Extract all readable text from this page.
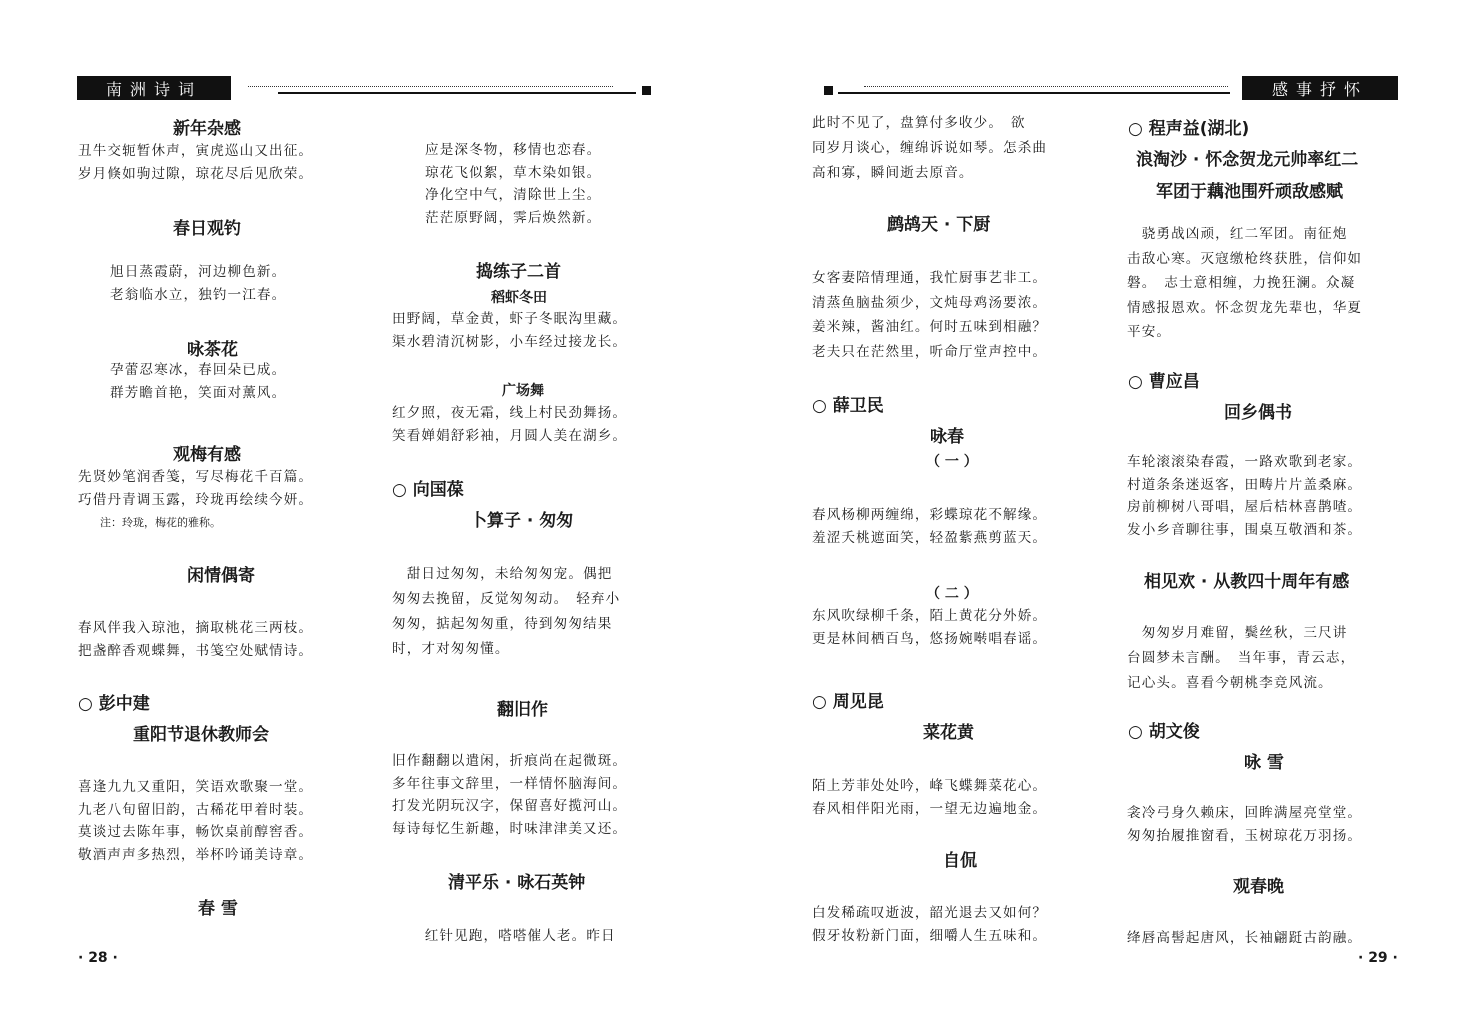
南洲诗词	感事抒怀
新年杂感
丑牛交轭暂休声，寅虎巡山又出征。
岁月倏如驹过隙，琼花尽后见欣荣。
春日观钓
旭日蒸霞蔚，河边柳色新。
老翁临水立，独钓一江春。
咏茶花
孕蕾忍寒冰，春回朵已成。
群芳瞻首艳，笑面对薰风。
观梅有感
先贤妙笔润香笺，写尽梅花千百篇。
巧借丹青调玉露，玲珑再绘续今妍。
注：玲珑，梅花的雅称。
闲情偶寄
春风伴我入琼池，摘取桃花三两枝。
把盏醉香观蝶舞，书笺空处赋情诗。
○ 彭中建
重阳节退休教师会
喜逢九九又重阳，笑语欢歌聚一堂。
九老八旬留旧韵，古稀花甲着时装。
莫谈过去陈年事，畅饮桌前醇窖香。
敬酒声声多热烈，举杯吟诵美诗章。
春 雪
应是深冬物，移情也恋春。
琼花飞似絮，草木染如银。
净化空中气，清除世上尘。
茫茫原野阔，霁后焕然新。
捣练子二首
稻虾冬田
田野阔，草金黄，虾子冬眠沟里藏。
渠水碧清沉树影，小车经过接龙长。
广场舞
红夕照，夜无霜，线上村民劲舞扬。
笑看婵娟舒彩袖，月圆人美在湖乡。
○ 向国葆
卜算子 · 匆匆
　甜日过匆匆，未给匆匆宠。偶把
匆匆去挽留，反觉匆匆动。　轻弃小
匆匆，掂起匆匆重，待到匆匆结果
时，才对匆匆懂。
翻旧作
旧作翻翻以遣闲，折痕尚在起微斑。
多年往事文辞里，一样情怀脑海间。
打发光阴玩汉字，保留喜好揽河山。
每诗每忆生新趣，时味津津美又还。
清平乐 · 咏石英钟
　红针见跑，嗒嗒催人老。昨日
· 28 ·
此时不见了，盘算付多收少。　欲
同岁月谈心，缠绵诉说如琴。怎杀曲
高和寡，瞬间逝去原音。
鹧鸪天 · 下厨
女客妻陪情理通，我忙厨事艺非工。
清蒸鱼脑盐须少，文炖母鸡汤要浓。
姜米辣，酱油红。何时五味到相融？
老夫只在茫然里，听命厅堂声控中。
○ 薛卫民
咏春
（ 一 ）
春风杨柳两缠绵，彩蝶琼花不解缘。
羞涩夭桃遮面笑，轻盈紫燕剪蓝天。
（ 二 ）
东风吹绿柳千条，陌上黄花分外娇。
更是林间栖百鸟，悠扬婉啭唱春谣。
○ 周见昆
菜花黄
陌上芳菲处处吟，峰飞蝶舞菜花心。
春风相伴阳光雨，一望无边遍地金。
自侃
白发稀疏叹逝波，韶光退去又如何？
假牙妆粉新门面，细嚼人生五味和。
○ 程声益(湖北)
浪淘沙 · 怀念贺龙元帅率红二
军团于藕池围歼顽敌感赋
　骁勇战凶顽，红二军团。南征炮
击敌心寒。灭寇缴枪终获胜，信仰如
磐。　志士意相缠，力挽狂澜。众凝
情感报恩欢。怀念贺龙先辈也，华夏
平安。
○ 曹应昌
回乡偶书
车轮滚滚染春霞，一路欢歌到老家。
村道条条迷返客，田畴片片盖桑麻。
房前柳树八哥唱，屋后桔林喜鹊喳。
发小乡音聊往事，围桌互敬酒和茶。
相见欢 · 从教四十周年有感
　匆匆岁月难留，鬓丝秋，三尺讲
台圆梦未言酬。　当年事，青云志，
记心头。喜看今朝桃李竞风流。
○ 胡文俊
咏 雪
衾冷弓身久赖床，回眸满屋亮堂堂。
匆匆抬履推窗看，玉树琼花万羽扬。
观春晚
绛唇高髻起唐风，长袖翩跹古韵融。
· 29 ·
